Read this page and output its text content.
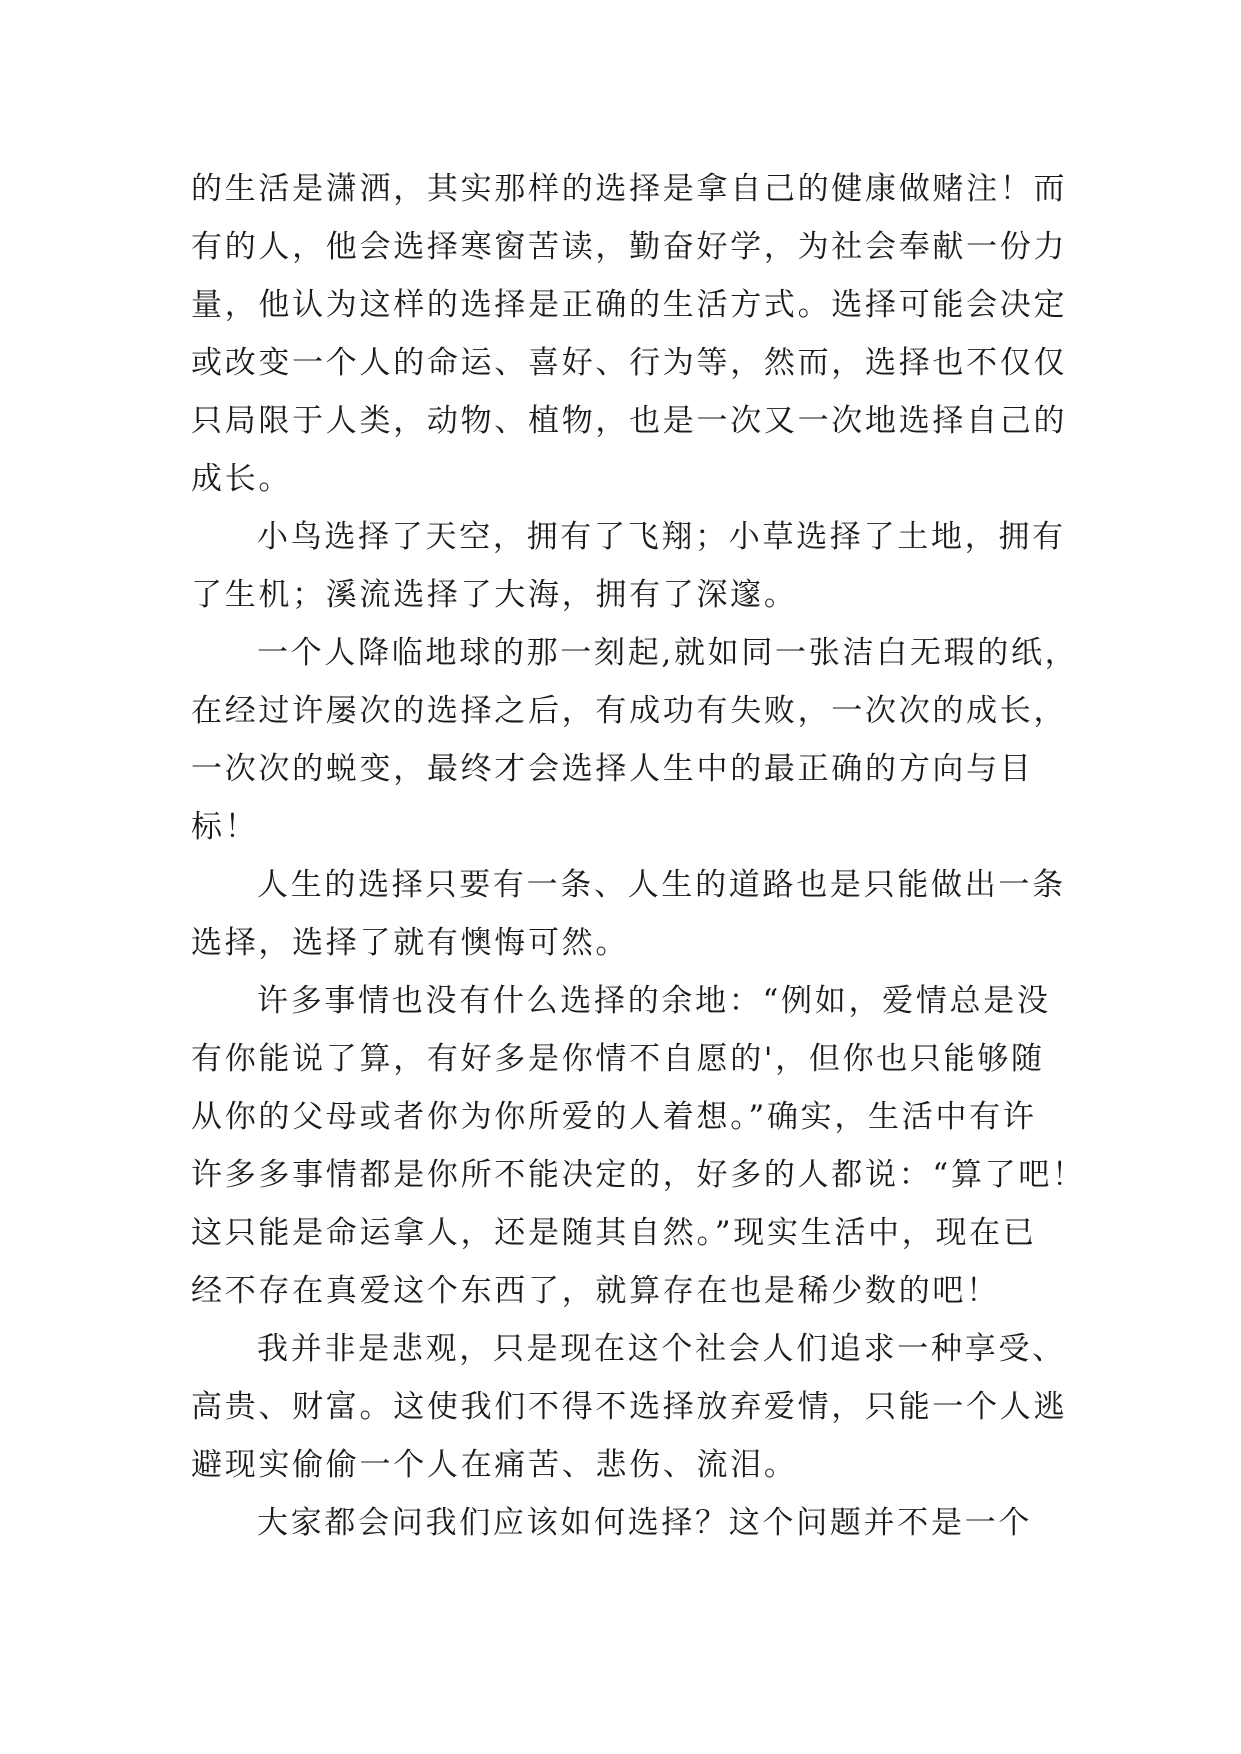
的生活是潇洒，其实那样的选择是拿自己的健康做赌注！而
有的人，他会选择寒窗苦读，勤奋好学，为社会奉献一份力
量，他认为这样的选择是正确的生活方式。选择可能会决定
或改变一个人的命运、喜好、行为等，然而，选择也不仅仅
只局限于人类，动物、植物，也是一次又一次地选择自己的
成长。
小鸟选择了天空，拥有了飞翔；小草选择了土地，拥有
了生机；溪流选择了大海，拥有了深邃。
一个人降临地球的那一刻起,就如同一张洁白无瑕的纸，
在经过许屡次的选择之后，有成功有失败，一次次的成长，
一次次的蜕变，最终才会选择人生中的最正确的方向与目
标！
人生的选择只要有一条、人生的道路也是只能做出一条
选择，选择了就有懊悔可然。
许多事情也没有什么选择的余地：“例如，爱情总是没
有你能说了算，有好多是你情不自愿的'，但你也只能够随
从你的父母或者你为你所爱的人着想。”确实，生活中有许
许多多事情都是你所不能决定的，好多的人都说：“算了吧！
这只能是命运拿人，还是随其自然。”现实生活中，现在已
经不存在真爱这个东西了，就算存在也是稀少数的吧！
我并非是悲观，只是现在这个社会人们追求一种享受、
高贵、财富。这使我们不得不选择放弃爱情，只能一个人逃
避现实偷偷一个人在痛苦、悲伤、流泪。
大家都会问我们应该如何选择？这个问题并不是一个
